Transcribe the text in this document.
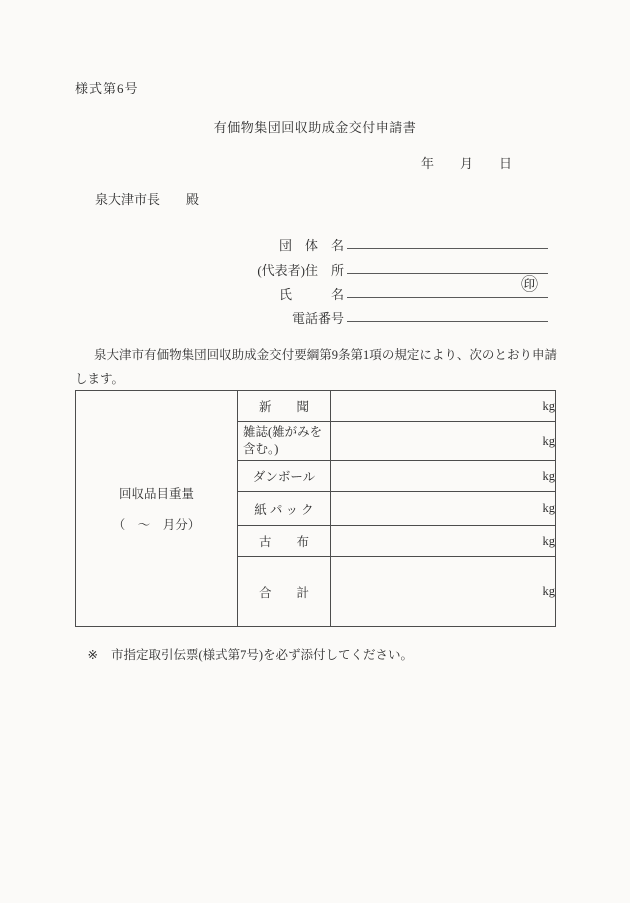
様式第6号
有価物集団回収助成金交付申請書
年　　月　　日
泉大津市長　　殿
団　体　名
(代表者)住　所
氏　　　名
㊞
電話番号
泉大津市有価物集団回収助成金交付要綱第9条第1項の規定により、次のとおり申請します。
回収品目重量
（　～　月分）	新　　聞	kg
	雑誌(雑がみを含む。)	kg
	ダンボール	kg
	紙 パ ッ ク	kg
	古　　布	kg
	合　　計	kg

※ 市指定取引伝票(様式第7号)を必ず添付してください。
